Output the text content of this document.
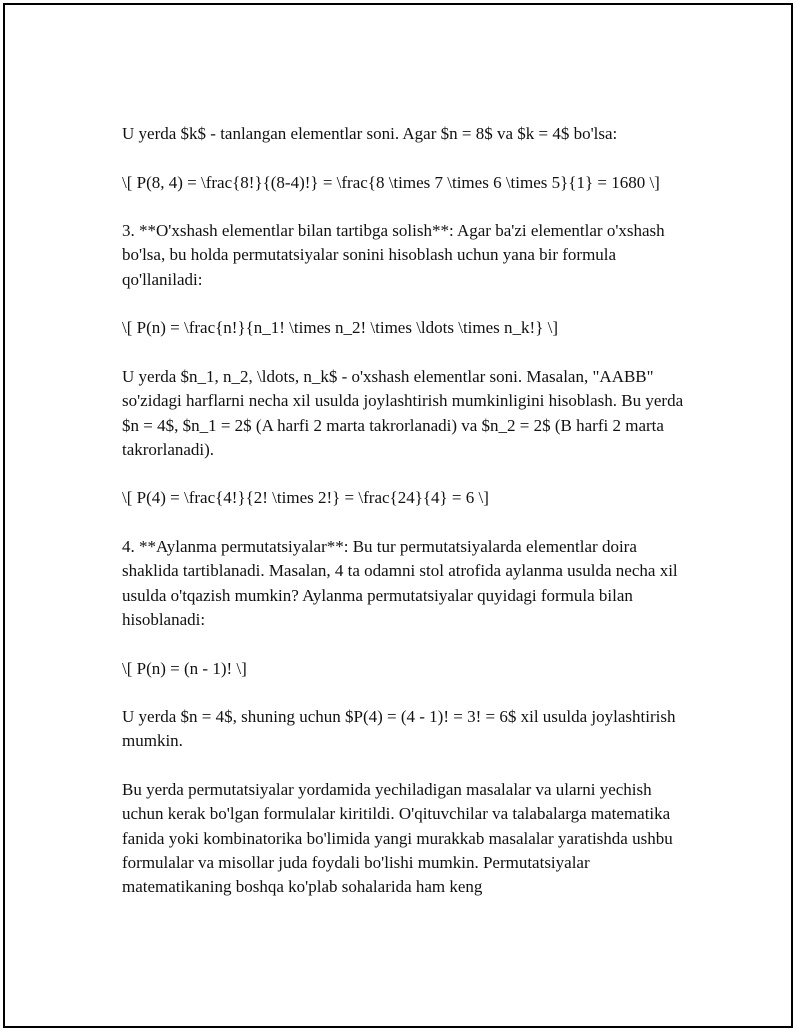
U yerda $k$ - tanlangan elementlar soni. Agar $n = 8$ va $k = 4$ bo'lsa:

\[ P(8, 4) = \frac{8!}{(8-4)!} = \frac{8 \times 7 \times 6 \times 5}{1} = 1680 \]

3. **O'xshash elementlar bilan tartibga solish**: Agar ba'zi elementlar o'xshash bo'lsa, bu holda permutatsiyalar sonini hisoblash uchun yana bir formula qo'llaniladi:

\[ P(n) = \frac{n!}{n_1! \times n_2! \times \ldots \times n_k!} \]

U yerda $n_1, n_2, \ldots, n_k$ - o'xshash elementlar soni. Masalan, "AABB" so'zidagi harflarni necha xil usulda joylashtirish mumkinligini hisoblash. Bu yerda $n = 4$, $n_1 = 2$ (A harfi 2 marta takrorlanadi) va $n_2 = 2$ (B harfi 2 marta takrorlanadi).

\[ P(4) = \frac{4!}{2! \times 2!} = \frac{24}{4} = 6 \]

4. **Aylanma permutatsiyalar**: Bu tur permutatsiyalarda elementlar doira shaklida tartiblanadi. Masalan, 4 ta odamni stol atrofida aylanma usulda necha xil usulda o'tqazish mumkin? Aylanma permutatsiyalar quyidagi formula bilan hisoblanadi:

\[ P(n) = (n - 1)! \]

U yerda $n = 4$, shuning uchun $P(4) = (4 - 1)! = 3! = 6$ xil usulda joylashtirish mumkin.

Bu yerda permutatsiyalar yordamida yechiladigan masalalar va ularni yechish uchun kerak bo'lgan formulalar kiritildi. O'qituvchilar va talabalarga matematika fanida yoki kombinatorika bo'limida yangi murakkab masalalar yaratishda ushbu formulalar va misollar juda foydali bo'lishi mumkin. Permutatsiyalar matematikaning boshqa ko'plab sohalarida ham keng
